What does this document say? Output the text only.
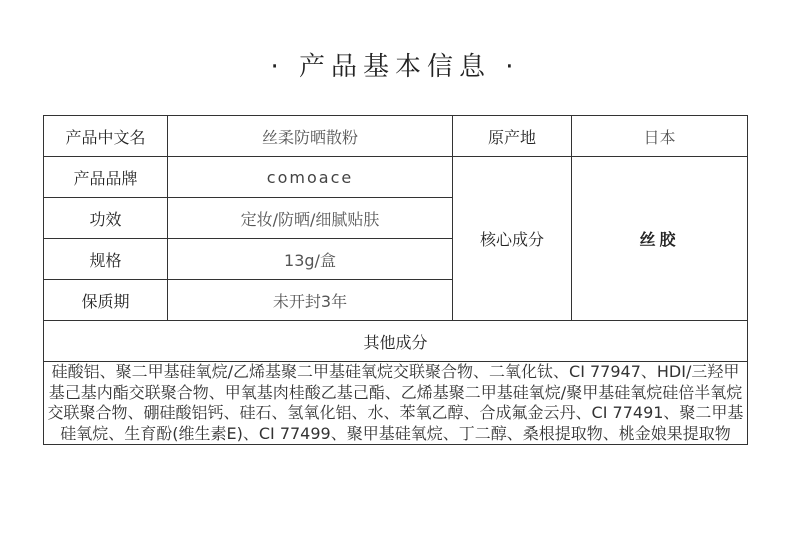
· 产品基本信息 ·
产品中文名	丝柔防晒散粉	原产地	日本
产品品牌	comoace	核心成分	丝胶
功效	定妆/防晒/细腻贴肤		
规格	13g/盒		
保质期	未开封3年		
其他成分			
硅酸铝、聚二甲基硅氧烷/乙烯基聚二甲基硅氧烷交联聚合物、二氧化钛、CI 77947、HDI/三羟甲基己基内酯交联聚合物、甲氧基肉桂酸乙基己酯、乙烯基聚二甲基硅氧烷/聚甲基硅氧烷硅倍半氧烷交联聚合物、硼硅酸铝钙、硅石、氢氧化铝、水、苯氧乙醇、合成氟金云丹、CI 77491、聚二甲基硅氧烷、生育酚(维生素E)、CI 77499、聚甲基硅氧烷、丁二醇、桑根提取物、桃金娘果提取物			
